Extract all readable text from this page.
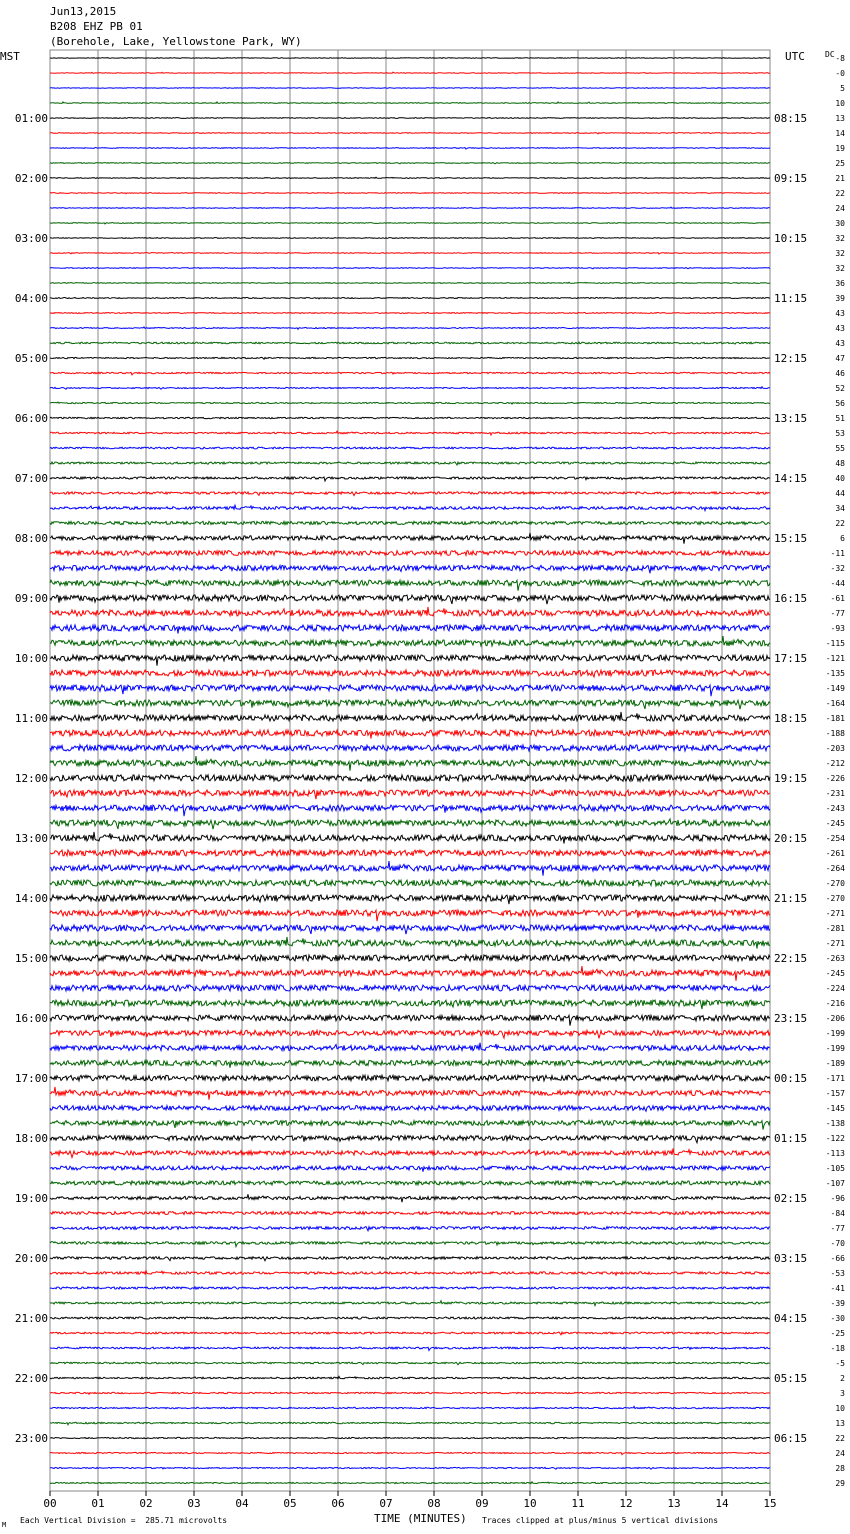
Jun13,2015
B208 EHZ PB 01
(Borehole, Lake, Yellowstone Park, WY)
MST	UTC	DC -8
-0
5
10
13
14
19
25
21
22
24
30
32
32
32
36
39
43
43
43
47
46
52
56
51
53
55
48
40
44
34
22
6
-11
-32
-44
-61
-77
-93
-115
-121
-135
-149
-164
-181
-188
-203
-212
-226
-231
-243
-245
-254
-261
-264
-270
-270
-271
-281
-271
-263
-245
-224
-216
-206
-199
-199
-189
-171
-157
-145
-138
-122
-113
-105
-107
-96
-84
-77
-70
-66
-53
-41
-39
-30
-25
-18
-5
2
3
10
13
22
24
28
29
01:00
02:00
03:00
04:00
05:00
06:00
07:00
08:00
09:00
10:00
11:00
12:00
13:00
14:00
15:00
16:00
17:00
18:00
19:00
20:00
21:00
22:00
23:00
08:15
09:15
10:15
11:15
12:15
13:15
14:15
15:15
16:15
17:15
18:15
19:15
20:15
21:15
22:15
23:15
00:15
01:15
02:15
03:15
04:15
05:15
06:15
00	01	02	03	04	05	06	07	08	09	10	11	12	13	14	15
M Each Vertical Division =  285.71 microvolts	TIME (MINUTES) Traces clipped at plus/minus 5 vertical divisions
